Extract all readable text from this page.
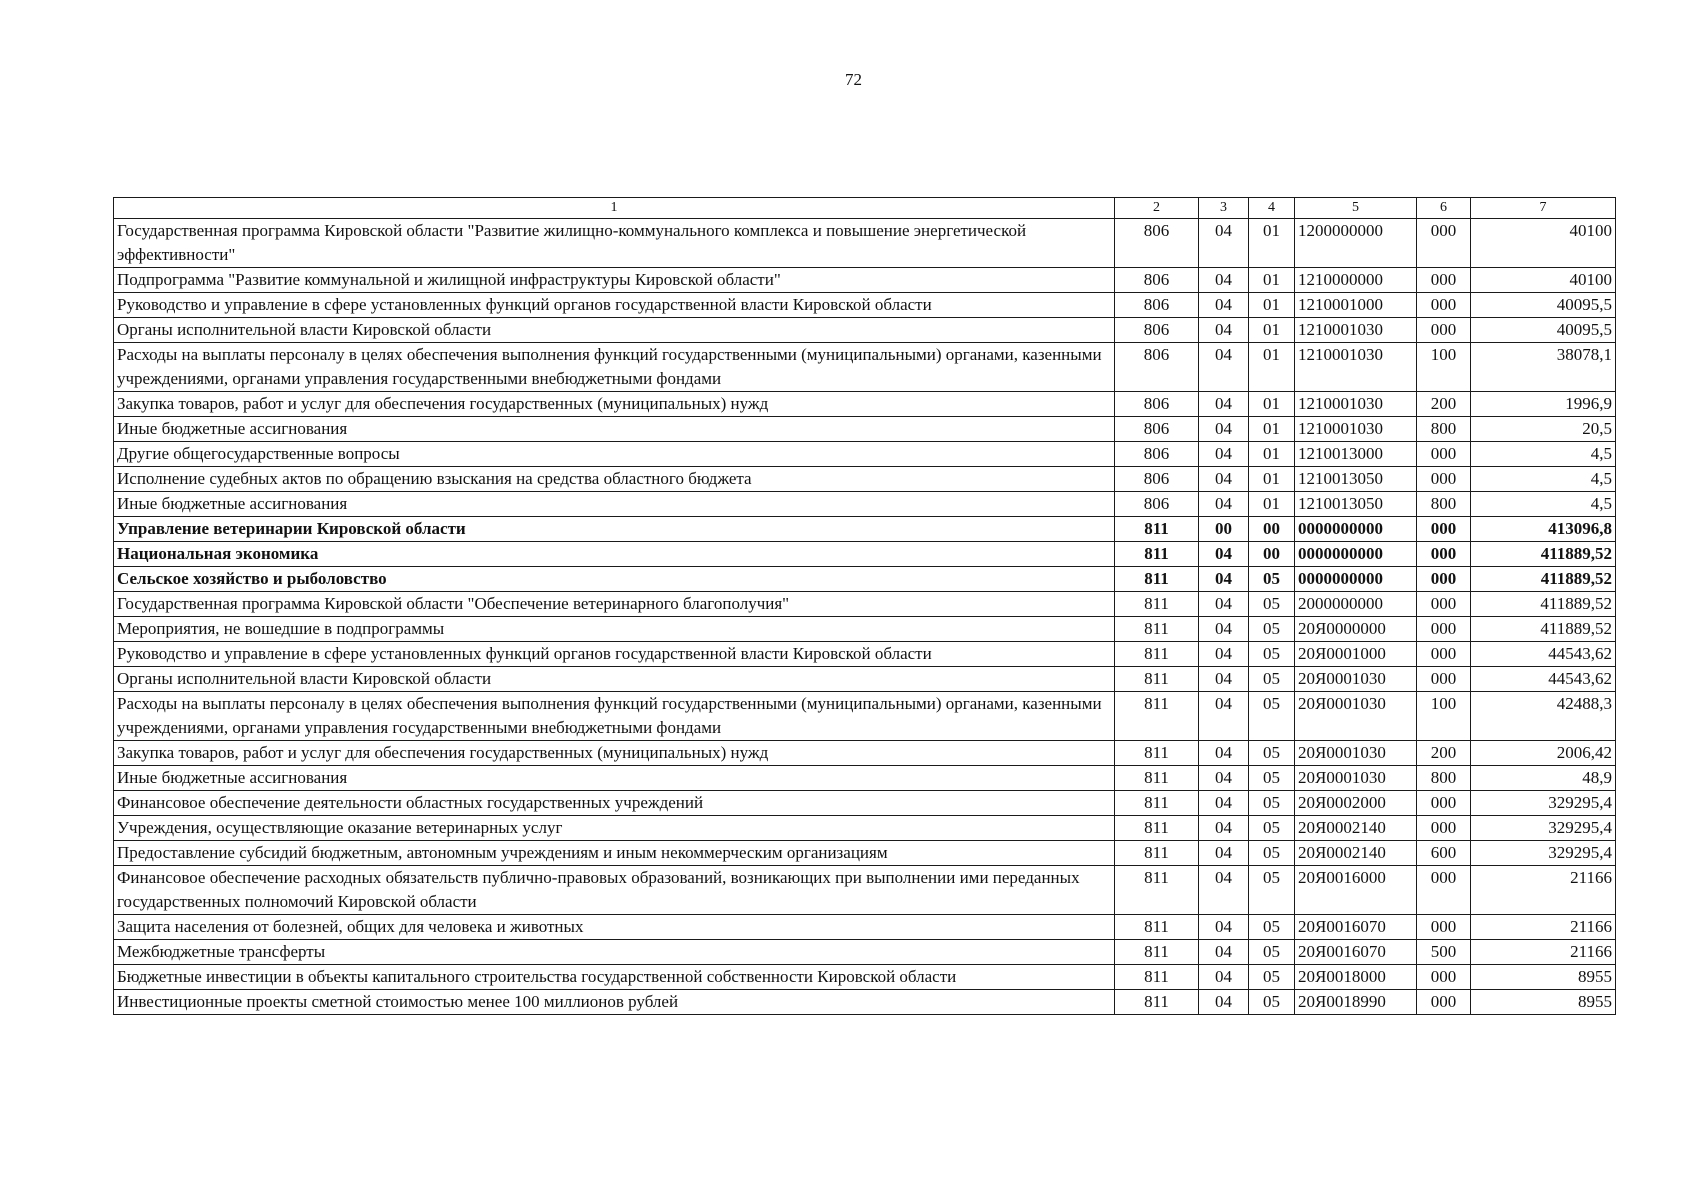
72
1	2	3	4	5	6	7
Государственная программа Кировской области "Развитие жилищно-коммунального комплекса и повышение энергетической эффективности"	806	04	01	1200000000	000	40100
Подпрограмма "Развитие коммунальной и жилищной инфраструктуры Кировской области"	806	04	01	1210000000	000	40100
Руководство и управление в сфере установленных функций органов государственной власти Кировской области	806	04	01	1210001000	000	40095,5
Органы исполнительной власти Кировской области	806	04	01	1210001030	000	40095,5
Расходы на выплаты персоналу в целях обеспечения выполнения функций государственными (муниципальными) органами, казенными учреждениями, органами управления государственными внебюджетными фондами	806	04	01	1210001030	100	38078,1
Закупка товаров, работ и услуг для обеспечения государственных (муниципальных) нужд	806	04	01	1210001030	200	1996,9
Иные бюджетные ассигнования	806	04	01	1210001030	800	20,5
Другие общегосударственные вопросы	806	04	01	1210013000	000	4,5
Исполнение судебных актов по обращению взыскания на средства областного бюджета	806	04	01	1210013050	000	4,5
Иные бюджетные ассигнования	806	04	01	1210013050	800	4,5
Управление ветеринарии Кировской области	811	00	00	0000000000	000	413096,8
Национальная экономика	811	04	00	0000000000	000	411889,52
Сельское хозяйство и рыболовство	811	04	05	0000000000	000	411889,52
Государственная программа Кировской области "Обеспечение ветеринарного благополучия"	811	04	05	2000000000	000	411889,52
Мероприятия, не вошедшие в подпрограммы	811	04	05	20Я0000000	000	411889,52
Руководство и управление в сфере установленных функций органов государственной власти Кировской области	811	04	05	20Я0001000	000	44543,62
Органы исполнительной власти Кировской области	811	04	05	20Я0001030	000	44543,62
Расходы на выплаты персоналу в целях обеспечения выполнения функций государственными (муниципальными) органами, казенными учреждениями, органами управления государственными внебюджетными фондами	811	04	05	20Я0001030	100	42488,3
Закупка товаров, работ и услуг для обеспечения государственных (муниципальных) нужд	811	04	05	20Я0001030	200	2006,42
Иные бюджетные ассигнования	811	04	05	20Я0001030	800	48,9
Финансовое обеспечение деятельности областных государственных учреждений	811	04	05	20Я0002000	000	329295,4
Учреждения, осуществляющие оказание ветеринарных услуг	811	04	05	20Я0002140	000	329295,4
Предоставление субсидий бюджетным, автономным учреждениям и иным некоммерческим организациям	811	04	05	20Я0002140	600	329295,4
Финансовое обеспечение расходных обязательств публично-правовых образований, возникающих при выполнении ими переданных государственных полномочий Кировской области	811	04	05	20Я0016000	000	21166
Защита населения от болезней, общих для человека и животных	811	04	05	20Я0016070	000	21166
Межбюджетные трансферты	811	04	05	20Я0016070	500	21166
Бюджетные инвестиции в объекты капитального строительства государственной собственности Кировской области	811	04	05	20Я0018000	000	8955
Инвестиционные проекты сметной стоимостью менее 100 миллионов рублей	811	04	05	20Я0018990	000	8955
